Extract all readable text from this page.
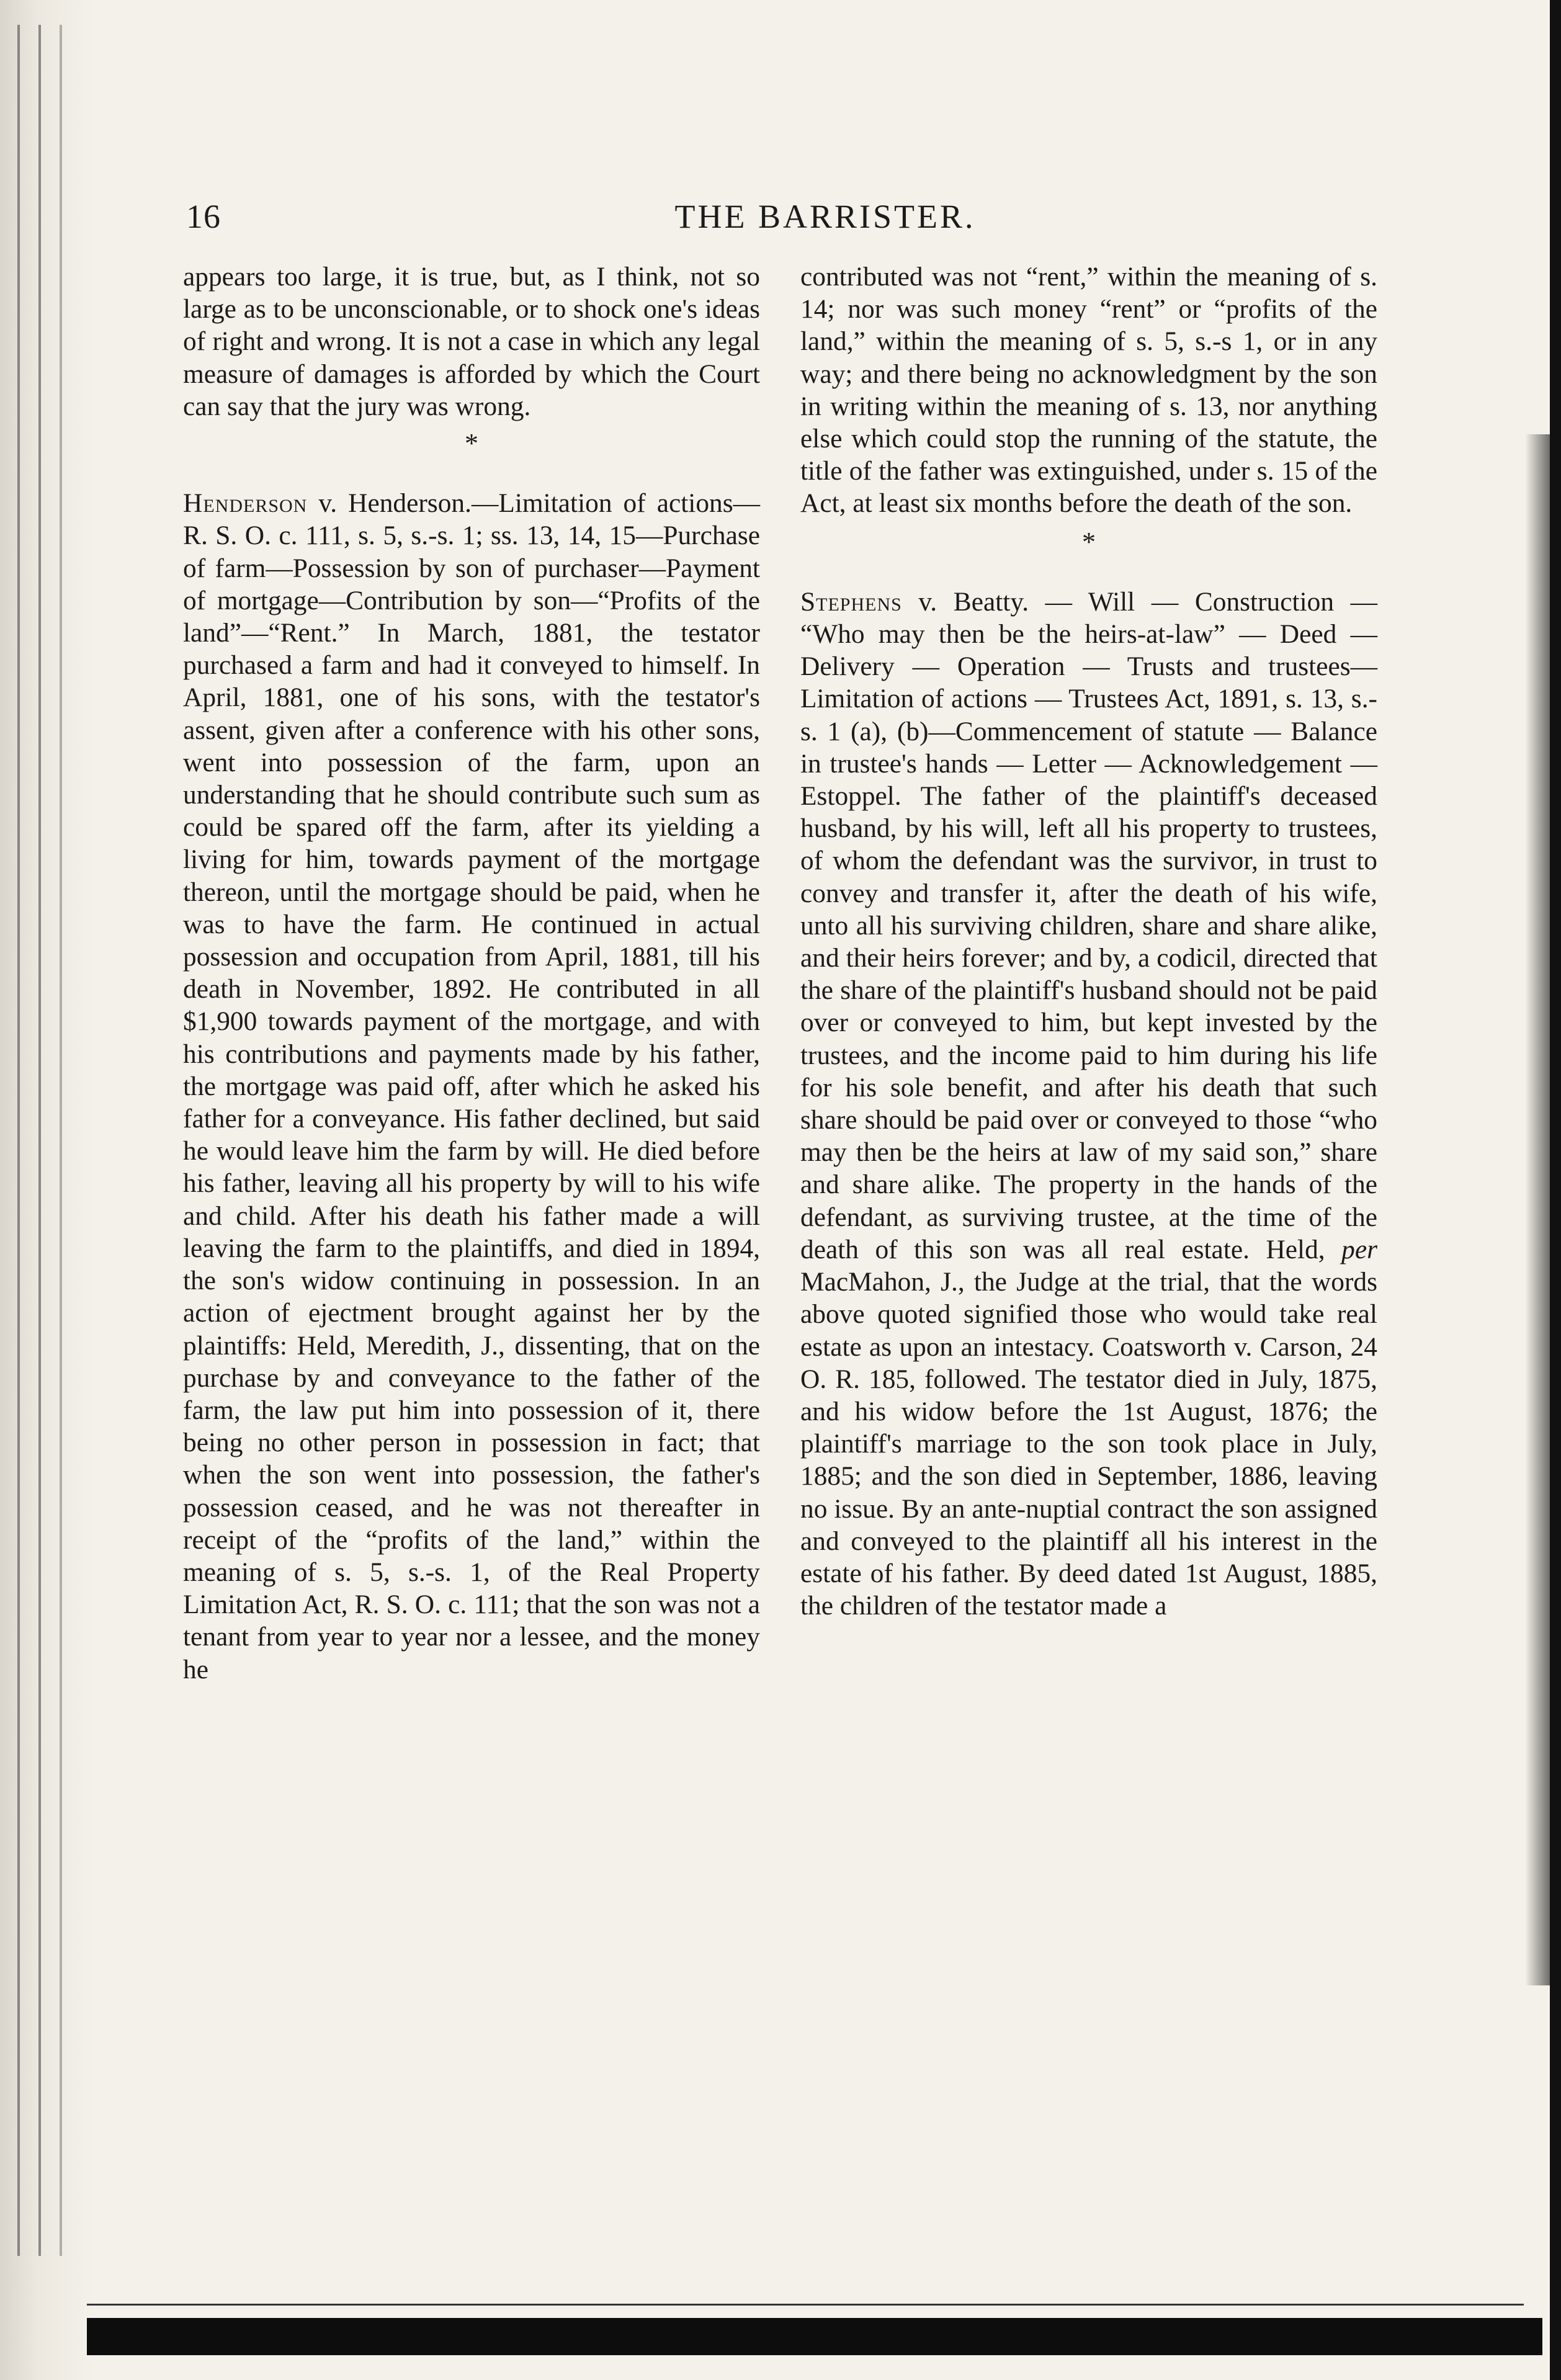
THE BARRISTER.
16

appears too large, it is true, but, as I think, not so large as to be unconscionable, or to shock one's ideas of right and wrong. It is not a case in which any legal measure of damages is afforded by which the Court can say that the jury was wrong.

*

Henderson v. Henderson.—Limitation of actions—R. S. O. c. 111, s. 5, s.-s. 1; ss. 13, 14, 15—Purchase of farm—Possession by son of purchaser—Payment of mortgage—Contribution by son—“Profits of the land”—“Rent.” In March, 1881, the testator purchased a farm and had it conveyed to himself. In April, 1881, one of his sons, with the testator's assent, given after a conference with his other sons, went into possession of the farm, upon an understanding that he should contribute such sum as could be spared off the farm, after its yielding a living for him, towards payment of the mortgage thereon, until the mortgage should be paid, when he was to have the farm. He continued in actual possession and occupation from April, 1881, till his death in November, 1892. He contributed in all $1,900 towards payment of the mortgage, and with his contributions and payments made by his father, the mortgage was paid off, after which he asked his father for a conveyance. His father declined, but said he would leave him the farm by will. He died before his father, leaving all his property by will to his wife and child. After his death his father made a will leaving the farm to the plaintiffs, and died in 1894, the son's widow continuing in possession. In an action of ejectment brought against her by the plaintiffs: Held, Meredith, J., dissenting, that on the purchase by and conveyance to the father of the farm, the law put him into possession of it, there being no other person in possession in fact; that when the son went into possession, the father's possession ceased, and he was not thereafter in receipt of the “profits of the land,” within the meaning of s. 5, s.-s. 1, of the Real Property Limitation Act, R. S. O. c. 111; that the son was not a tenant from year to year nor a lessee, and the money he

contributed was not “rent,” within the meaning of s. 14; nor was such money “rent” or “profits of the land,” within the meaning of s. 5, s.-s 1, or in any way; and there being no acknowledgment by the son in writing within the meaning of s. 13, nor anything else which could stop the running of the statute, the title of the father was extinguished, under s. 15 of the Act, at least six months before the death of the son.

*

Stephens v. Beatty. — Will — Construction — “Who may then be the heirs-at-law” — Deed — Delivery — Operation — Trusts and trustees—Limitation of actions — Trustees Act, 1891, s. 13, s.-s. 1 (a), (b)—Commencement of statute — Balance in trustee's hands — Letter — Acknowledgement — Estoppel. The father of the plaintiff's deceased husband, by his will, left all his property to trustees, of whom the defendant was the survivor, in trust to convey and transfer it, after the death of his wife, unto all his surviving children, share and share alike, and their heirs forever; and by, a codicil, directed that the share of the plaintiff's husband should not be paid over or conveyed to him, but kept invested by the trustees, and the income paid to him during his life for his sole benefit, and after his death that such share should be paid over or conveyed to those “who may then be the heirs at law of my said son,” share and share alike. The property in the hands of the defendant, as surviving trustee, at the time of the death of this son was all real estate. Held, per MacMahon, J., the Judge at the trial, that the words above quoted signified those who would take real estate as upon an intestacy. Coatsworth v. Carson, 24 O. R. 185, followed. The testator died in July, 1875, and his widow before the 1st August, 1876; the plaintiff's marriage to the son took place in July, 1885; and the son died in September, 1886, leaving no issue. By an ante-nuptial contract the son assigned and conveyed to the plaintiff all his interest in the estate of his father. By deed dated 1st August, 1885, the children of the testator made a
